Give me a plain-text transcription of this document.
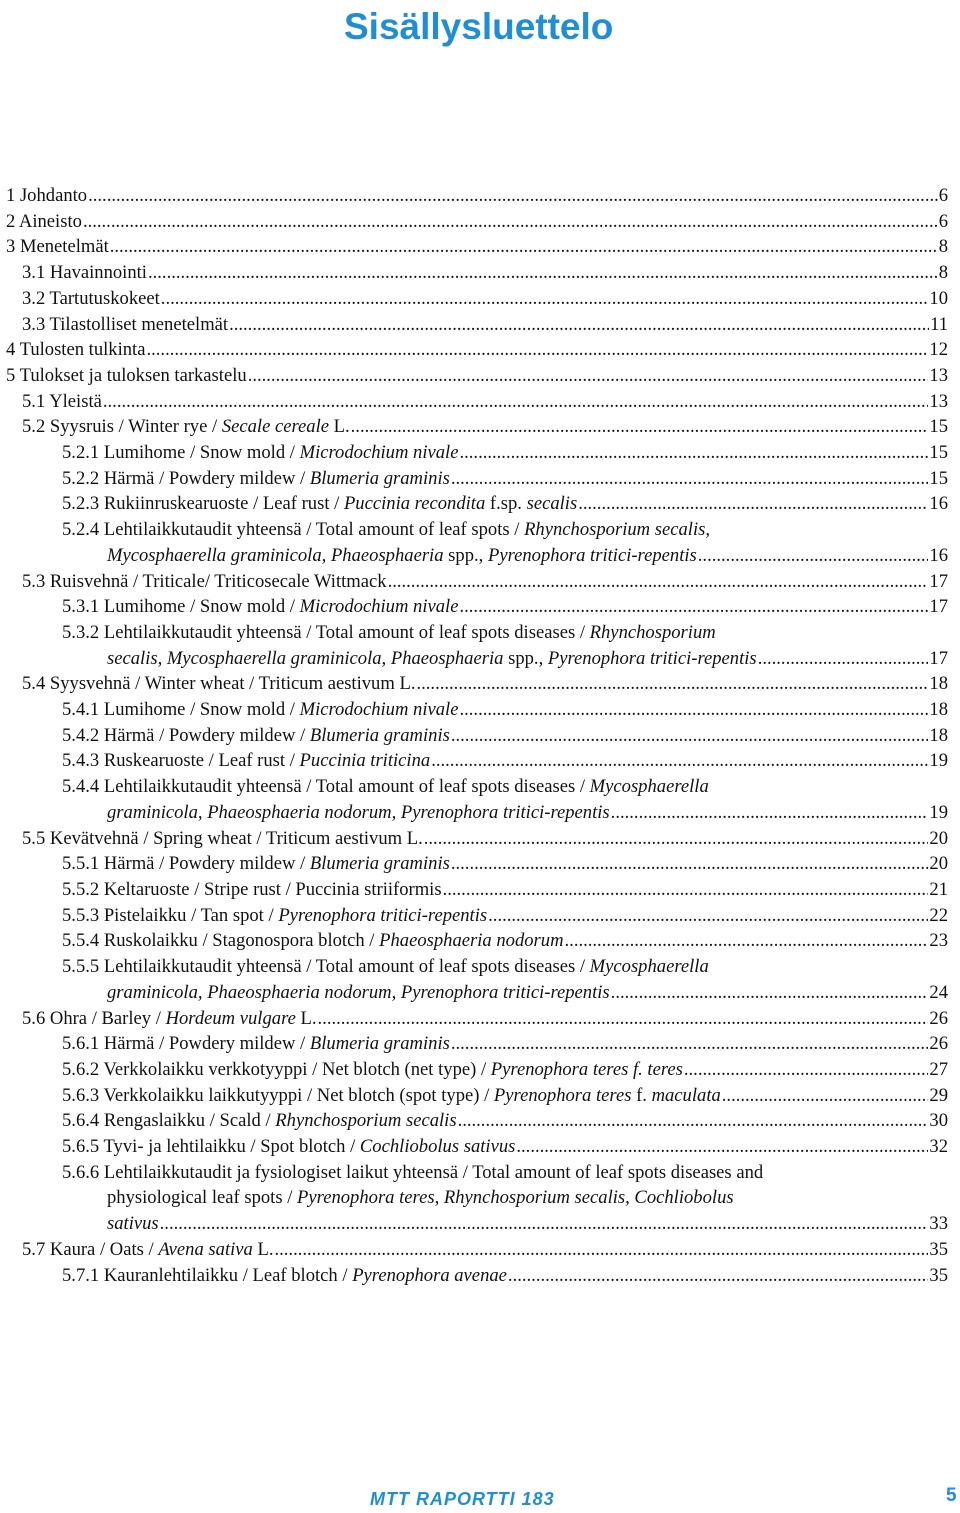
Sisällysluettelo
1 Johdanto .....	6
2 Aineisto .....	6
3 Menetelmät .....	8
3.1 Havainnointi .....	8
3.2 Tartutuskokeet .....	10
3.3 Tilastolliset menetelmät .....	11
4 Tulosten tulkinta .....	12
5 Tulokset ja tuloksen tarkastelu .....	13
5.1 Yleistä .....	13
5.2 Syysruis / Winter rye / Secale cereale L. .....	15
5.2.1 Lumihome / Snow mold / Microdochium nivale .....	15
5.2.2 Härmä / Powdery mildew / Blumeria graminis .....	15
5.2.3 Rukiinruskearuoste / Leaf rust / Puccinia recondita f.sp. secalis .....	16
5.2.4 Lehtilaikkutaudit yhteensä / Total amount of leaf spots / Rhynchosporium secalis,
Mycosphaerella graminicola, Phaeosphaeria spp., Pyrenophora tritici-repentis .....	16
5.3 Ruisvehnä / Triticale/ Triticosecale Wittmack .....	17
5.3.1 Lumihome / Snow mold / Microdochium nivale .....	17
5.3.2 Lehtilaikkutaudit yhteensä / Total amount of leaf spots diseases / Rhynchosporium
secalis, Mycosphaerella graminicola, Phaeosphaeria spp., Pyrenophora tritici-repentis .....	17
5.4 Syysvehnä / Winter wheat / Triticum aestivum L. .....	18
5.4.1 Lumihome / Snow mold / Microdochium nivale .....	18
5.4.2 Härmä / Powdery mildew / Blumeria graminis .....	18
5.4.3 Ruskearuoste / Leaf rust / Puccinia triticina .....	19
5.4.4 Lehtilaikkutaudit yhteensä / Total amount of leaf spots diseases / Mycosphaerella
graminicola, Phaeosphaeria nodorum, Pyrenophora tritici-repentis .....	19
5.5 Kevätvehnä / Spring wheat / Triticum aestivum L. .....	20
5.5.1 Härmä / Powdery mildew / Blumeria graminis .....	20
5.5.2 Keltaruoste / Stripe rust / Puccinia striiformis .....	21
5.5.3 Pistelaikku / Tan spot / Pyrenophora tritici-repentis .....	22
5.5.4 Ruskolaikku / Stagonospora blotch / Phaeosphaeria nodorum .....	23
5.5.5 Lehtilaikkutaudit yhteensä / Total amount of leaf spots diseases / Mycosphaerella
graminicola, Phaeosphaeria nodorum, Pyrenophora tritici-repentis .....	24
5.6 Ohra / Barley / Hordeum vulgare L. .....	26
5.6.1 Härmä / Powdery mildew / Blumeria graminis .....	26
5.6.2 Verkkolaikku verkkotyyppi / Net blotch (net type) / Pyrenophora teres f. teres .....	27
5.6.3 Verkkolaikku laikkutyyppi / Net blotch (spot type) / Pyrenophora teres f. maculata .....	29
5.6.4 Rengaslaikku / Scald / Rhynchosporium secalis .....	30
5.6.5 Tyvi- ja lehtilaikku / Spot blotch / Cochliobolus sativus .....	32
5.6.6 Lehtilaikkutaudit ja fysiologiset laikut yhteensä / Total amount of leaf spots diseases and
physiological leaf spots / Pyrenophora teres, Rhynchosporium secalis, Cochliobolus
sativus .....	33
5.7 Kaura / Oats / Avena sativa L. .....	35
5.7.1 Kauranlehtilaikku / Leaf blotch / Pyrenophora avenae .....	35
MTT RAPORTTI 183	5
